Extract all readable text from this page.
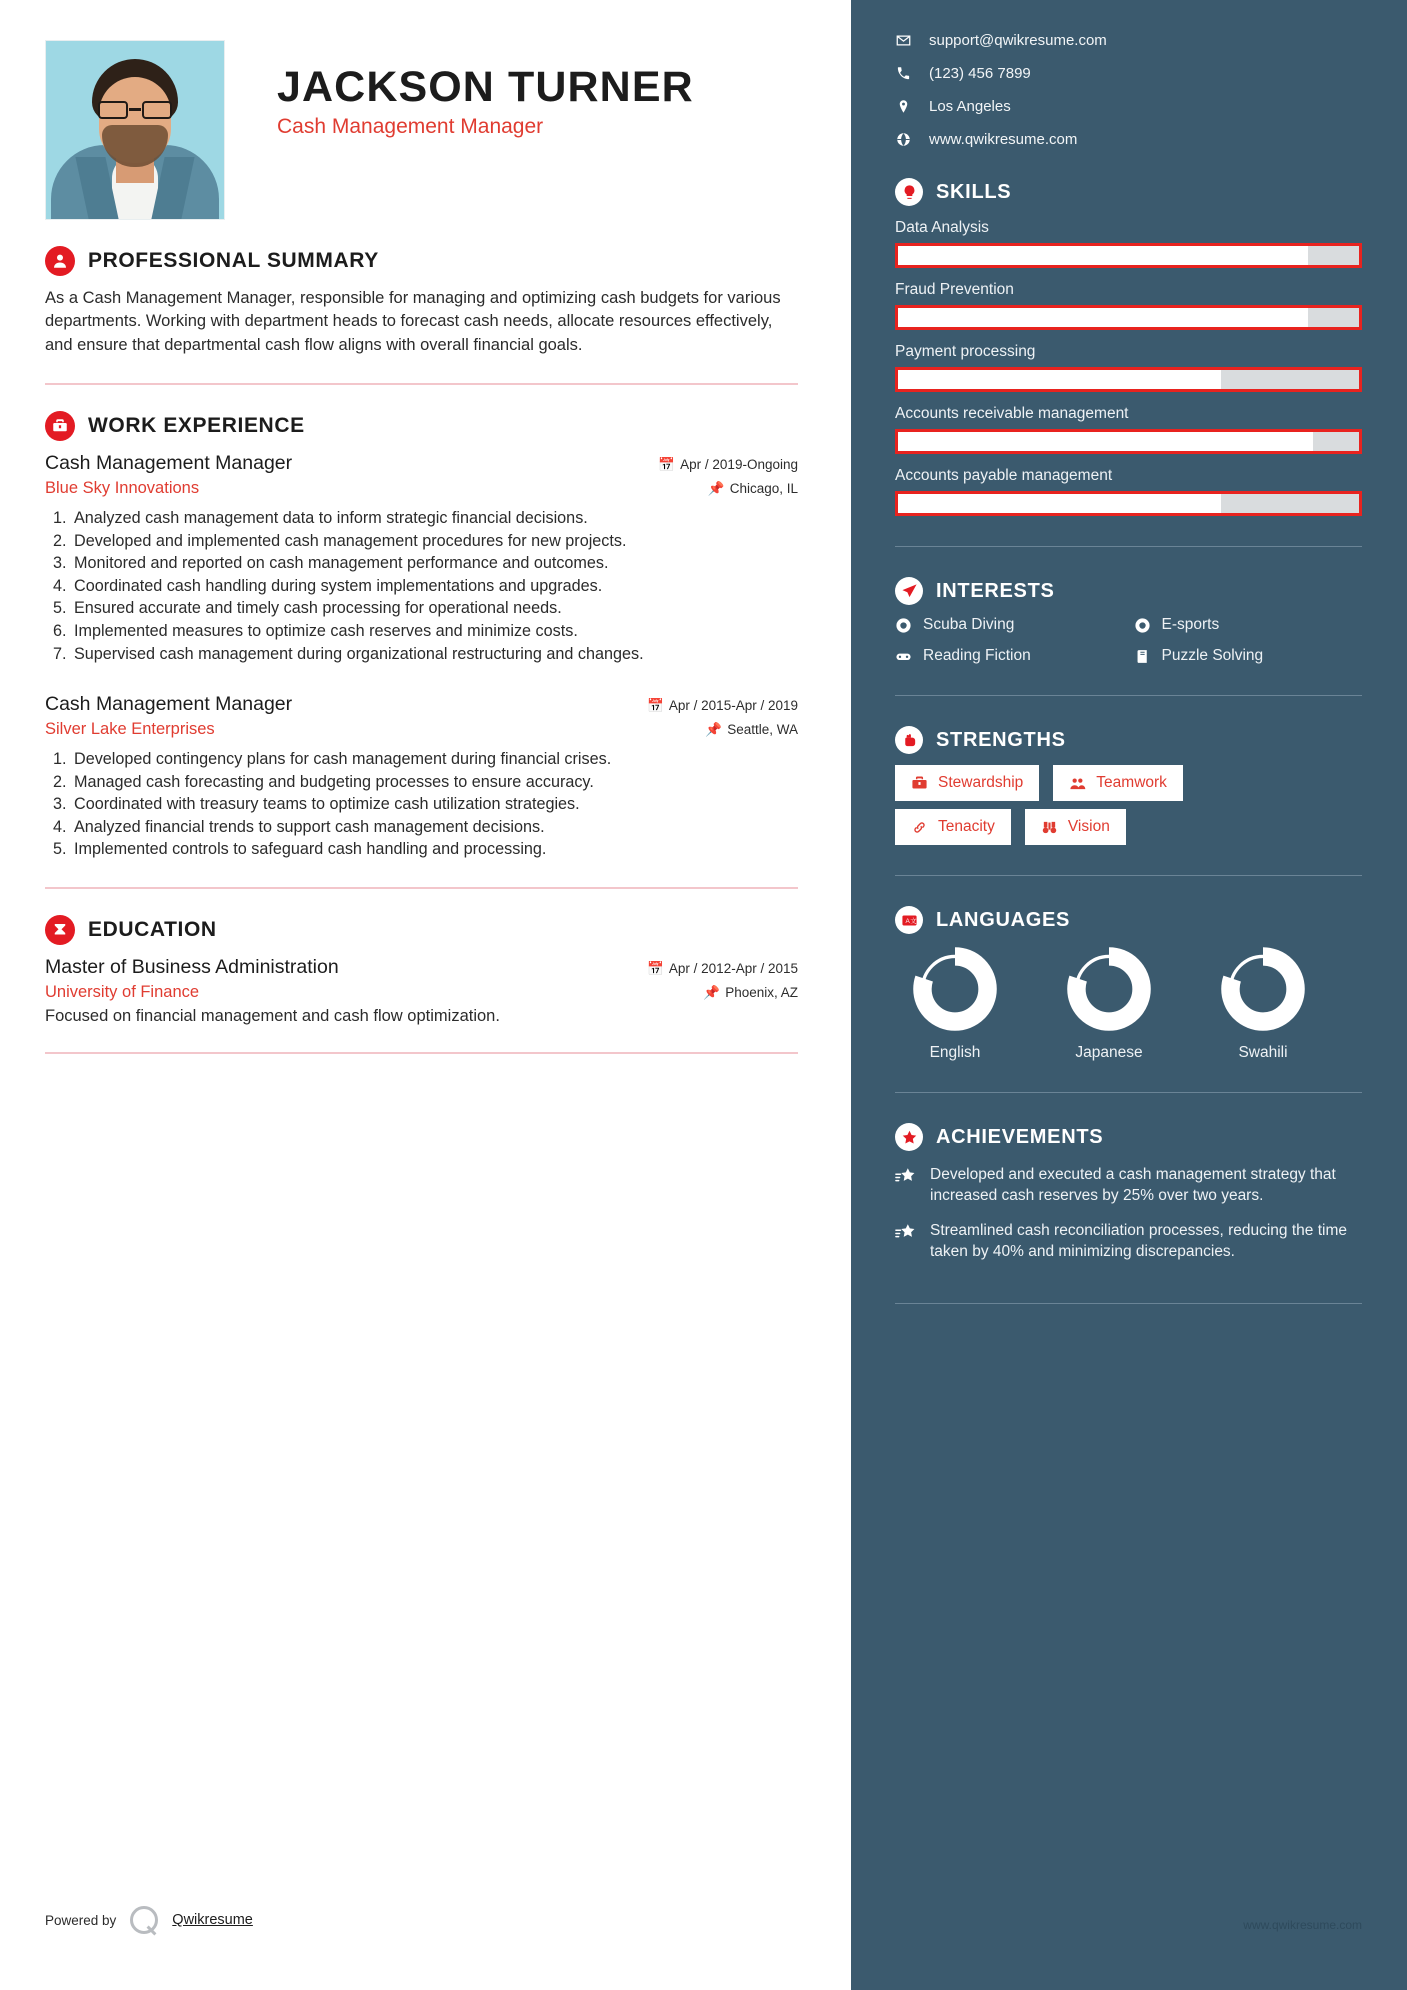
JACKSON TURNER
Cash Management Manager
PROFESSIONAL SUMMARY

As a Cash Management Manager, responsible for managing and optimizing cash budgets for various departments. Working with department heads to forecast cash needs, allocate resources effectively, and ensure that departmental cash flow aligns with overall financial goals.

WORK EXPERIENCE
Cash Management Manager	📅 Apr / 2019-Ongoing
Blue Sky Innovations	📌 Chicago, IL
1. Analyzed cash management data to inform strategic financial decisions.
2. Developed and implemented cash management procedures for new projects.
3. Monitored and reported on cash management performance and outcomes.
4. Coordinated cash handling during system implementations and upgrades.
5. Ensured accurate and timely cash processing for operational needs.
6. Implemented measures to optimize cash reserves and minimize costs.
7. Supervised cash management during organizational restructuring and changes.
Cash Management Manager	📅 Apr / 2015-Apr / 2019
Silver Lake Enterprises	📌 Seattle, WA
1. Developed contingency plans for cash management during financial crises.
2. Managed cash forecasting and budgeting processes to ensure accuracy.
3. Coordinated with treasury teams to optimize cash utilization strategies.
4. Analyzed financial trends to support cash management decisions.
5. Implemented controls to safeguard cash handling and processing.
EDUCATION
Master of Business Administration	📅 Apr / 2012-Apr / 2015
University of Finance	📌 Phoenix, AZ
Focused on financial management and cash flow optimization.
Powered by	Qwikresume
support@qwikresume.com
(123) 456 7899
Los Angeles
www.qwikresume.com
SKILLS
Data Analysis
Fraud Prevention
Payment processing
Accounts receivable management
Accounts payable management
INTERESTS
Scuba Diving	E-sports
Reading Fiction	Puzzle Solving
STRENGTHS
Stewardship	Teamwork
Tenacity	Vision
A 文 LANGUAGES
English	Japanese	Swahili
ACHIEVEMENTS
Developed and executed a cash management strategy that increased cash reserves by 25% over two years.
Streamlined cash reconciliation processes, reducing the time taken by 40% and minimizing discrepancies.
www.qwikresume.com
